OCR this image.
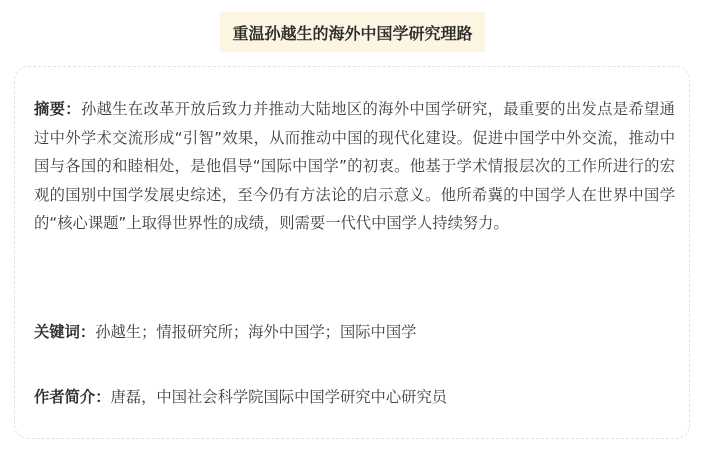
重温孙越生的海外中国学研究理路

摘要：孙越生在改革开放后致力并推动大陆地区的海外中国学研究，最重要的出发点是希望通过中外学术交流形成“引智”效果，从而推动中国的现代化建设。促进中国学中外交流，推动中国与各国的和睦相处，是他倡导“国际中国学”的初衷。他基于学术情报层次的工作所进行的宏观的国别中国学发展史综述，至今仍有方法论的启示意义。他所希冀的中国学人在世界中国学的“核心课题”上取得世界性的成绩，则需要一代代中国学人持续努力。

关键词：孙越生；情报研究所；海外中国学；国际中国学

作者简介：唐磊，中国社会科学院国际中国学研究中心研究员
